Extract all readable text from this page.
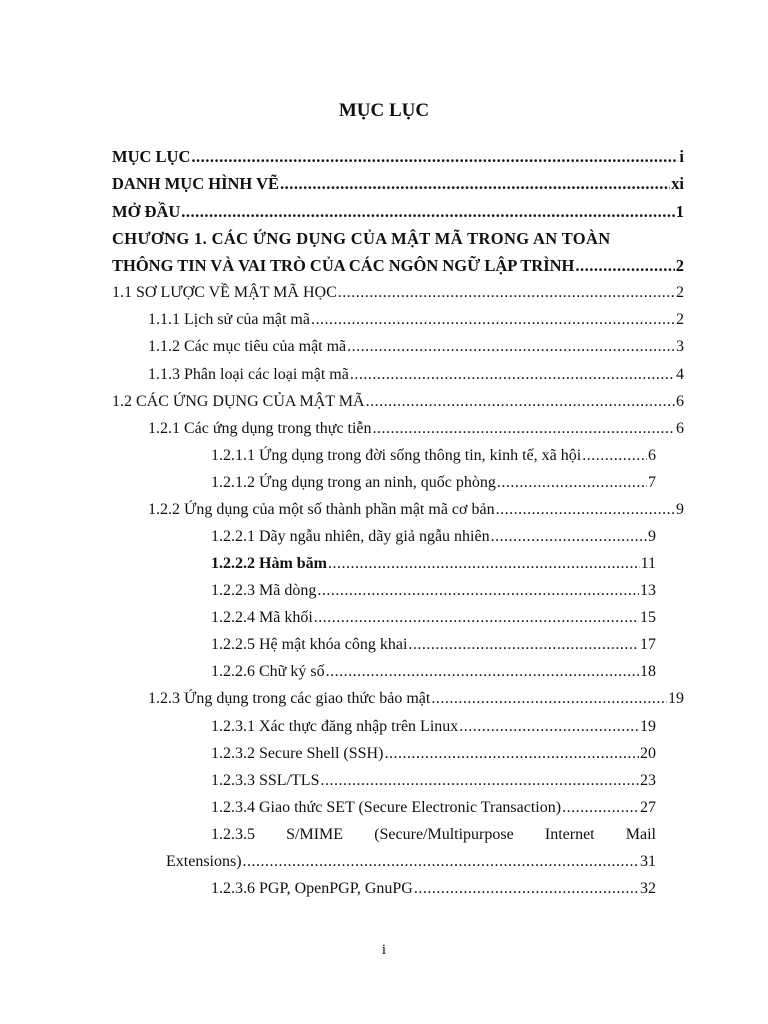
MỤC LỤC
MỤC LỤC .....	i
DANH MỤC HÌNH VẼ .....	xi
MỞ ĐẦU .....	1
CHƯƠNG 1. CÁC ỨNG DỤNG CỦA MẬT MÃ TRONG AN TOÀN
THÔNG TIN VÀ VAI TRÒ CỦA CÁC NGÔN NGỮ LẬP TRÌNH .....	2
1.1 SƠ LƯỢC VỀ MẬT MÃ HỌC .....	2
1.1.1 Lịch sử của mật mã .....	2
1.1.2 Các mục tiêu của mật mã .....	3
1.1.3 Phân loại các loại mật mã .....	4
1.2 CÁC ỨNG DỤNG CỦA MẬT MÃ .....	6
1.2.1 Các ứng dụng trong thực tiễn .....	6
1.2.1.1 Ứng dụng trong đời sống thông tin, kinh tế, xã hội .....	6
1.2.1.2 Ứng dụng trong an ninh, quốc phòng .....	7
1.2.2 Ứng dụng của một số thành phần mật mã cơ bản .....	9
1.2.2.1 Dãy ngẫu nhiên, dãy giả ngẫu nhiên .....	9
1.2.2.2 Hàm băm .....	11
1.2.2.3 Mã dòng .....	13
1.2.2.4 Mã khối .....	15
1.2.2.5 Hệ mật khóa công khai .....	17
1.2.2.6 Chữ ký số .....	18
1.2.3 Ứng dụng trong các giao thức bảo mật .....	19
1.2.3.1 Xác thực đăng nhập trên Linux .....	19
1.2.3.2 Secure Shell (SSH) .....	20
1.2.3.3 SSL/TLS .....	23
1.2.3.4 Giao thức SET (Secure Electronic Transaction) .....	27
1.2.3.5 S/MIME (Secure/Multipurpose Internet Mail
Extensions) .....	31
1.2.3.6 PGP, OpenPGP, GnuPG .....	32
i
